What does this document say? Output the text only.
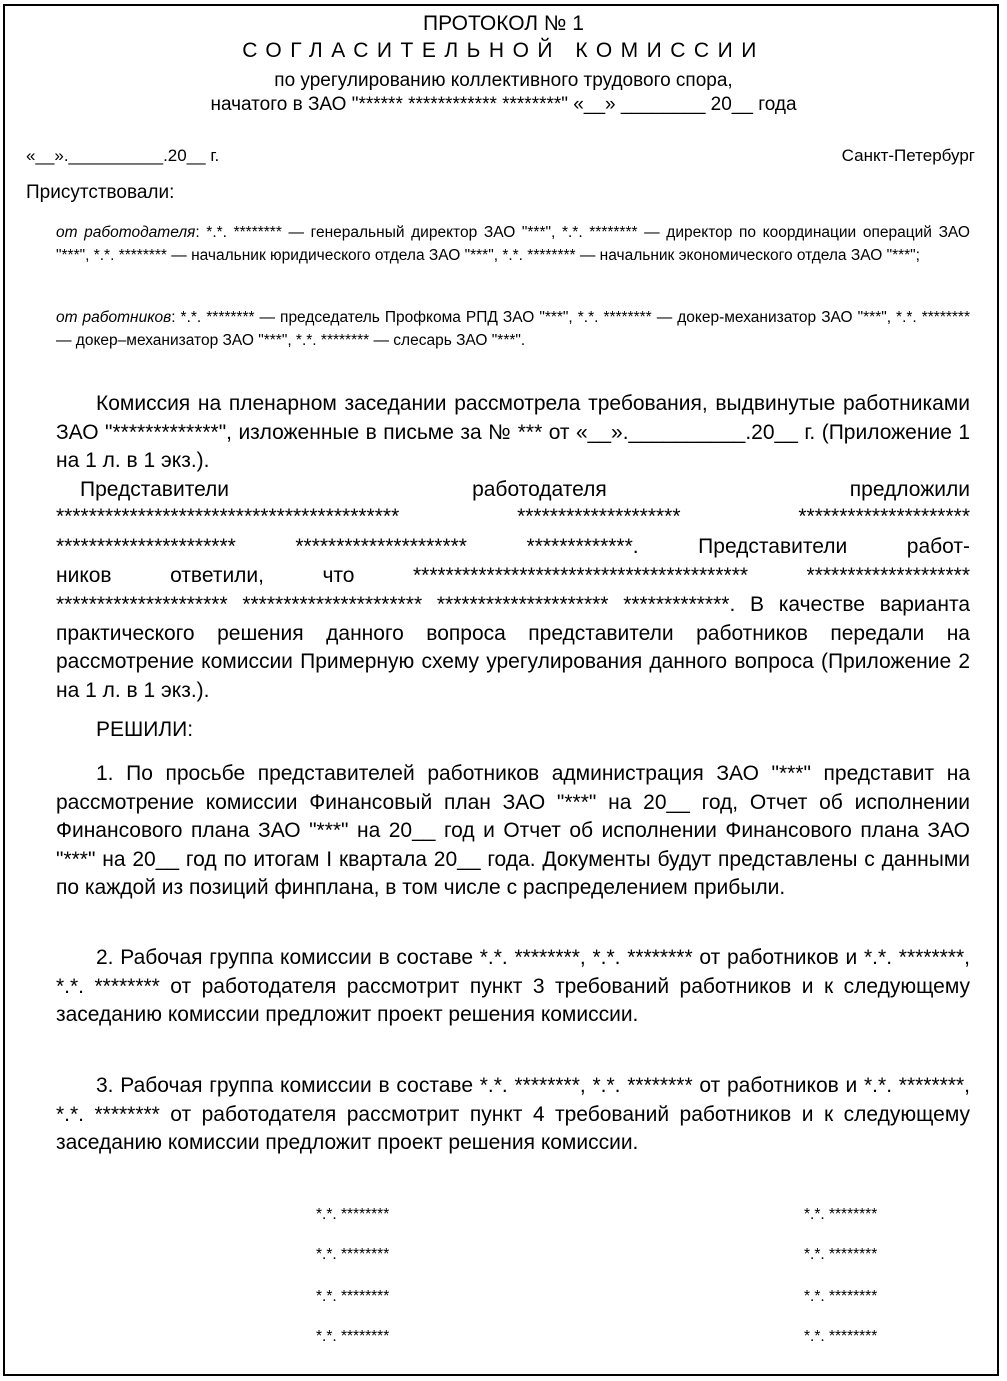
ПРОТОКОЛ № 1
СОГЛАСИТЕЛЬНОЙ КОМИССИИ
по урегулированию коллективного трудового спора,
начатого в ЗАО "****** ************ ********" «__» ________ 20__ года
«__».__________.20__ г.	Санкт-Петербург
Присутствовали:
от работодателя: *.*. ******** — генеральный директор ЗАО "***", *.*. ******** — директор по координации операций ЗАО "***", *.*. ******** — начальник юридического отдела ЗАО "***", *.*. ******** — начальник экономического отдела ЗАО "***";
от работников: *.*. ******** — председатель Профкома РПД ЗАО "***", *.*. ******** — докер-механизатор ЗАО "***", *.*. ******** — докер–механизатор ЗАО "***", *.*. ******** — слесарь ЗАО "***".
Комиссия на пленарном заседании рассмотрела требования, выдвинутые работниками ЗАО "*************", изложенные в письме за № *** от «__».__________.20__ г. (Приложение 1 на 1 л. в 1 экз.).
Представители работодателя предложили
****************************************** ******************** *********************
********************** ********************* *************. Представители работ-
ников ответили, что ***************************************** ********************
********************* ********************** ********************* *************. В качестве варианта практического решения данного вопроса представители работников передали на рассмотрение комиссии Примерную схему урегулирования данного вопроса (Приложение 2 на 1 л. в 1 экз.).
РЕШИЛИ:
1. По просьбе представителей работников администрация ЗАО "***" представит на рассмотрение комиссии Финансовый план ЗАО "***" на 20__ год, Отчет об исполнении Финансового плана ЗАО "***" на 20__ год и Отчет об исполнении Финансового плана ЗАО "***" на 20__ год по итогам I квартала 20__ года. Документы будут представлены с данными по каждой из позиций финплана, в том числе с распределением прибыли.
2. Рабочая группа комиссии в составе *.*. ********, *.*. ******** от работников и *.*. ********, *.*. ******** от работодателя рассмотрит пункт 3 требований работников и к следующему заседанию комиссии предложит проект решения комиссии.
3. Рабочая группа комиссии в составе *.*. ********, *.*. ******** от работников и *.*. ********, *.*. ******** от работодателя рассмотрит пункт 4 требований работников и к следующему заседанию комиссии предложит проект решения комиссии.
*.*. ********
*.*. ********
*.*. ********
*.*. ********
*.*. ********
*.*. ********
*.*. ********
*.*. ********
